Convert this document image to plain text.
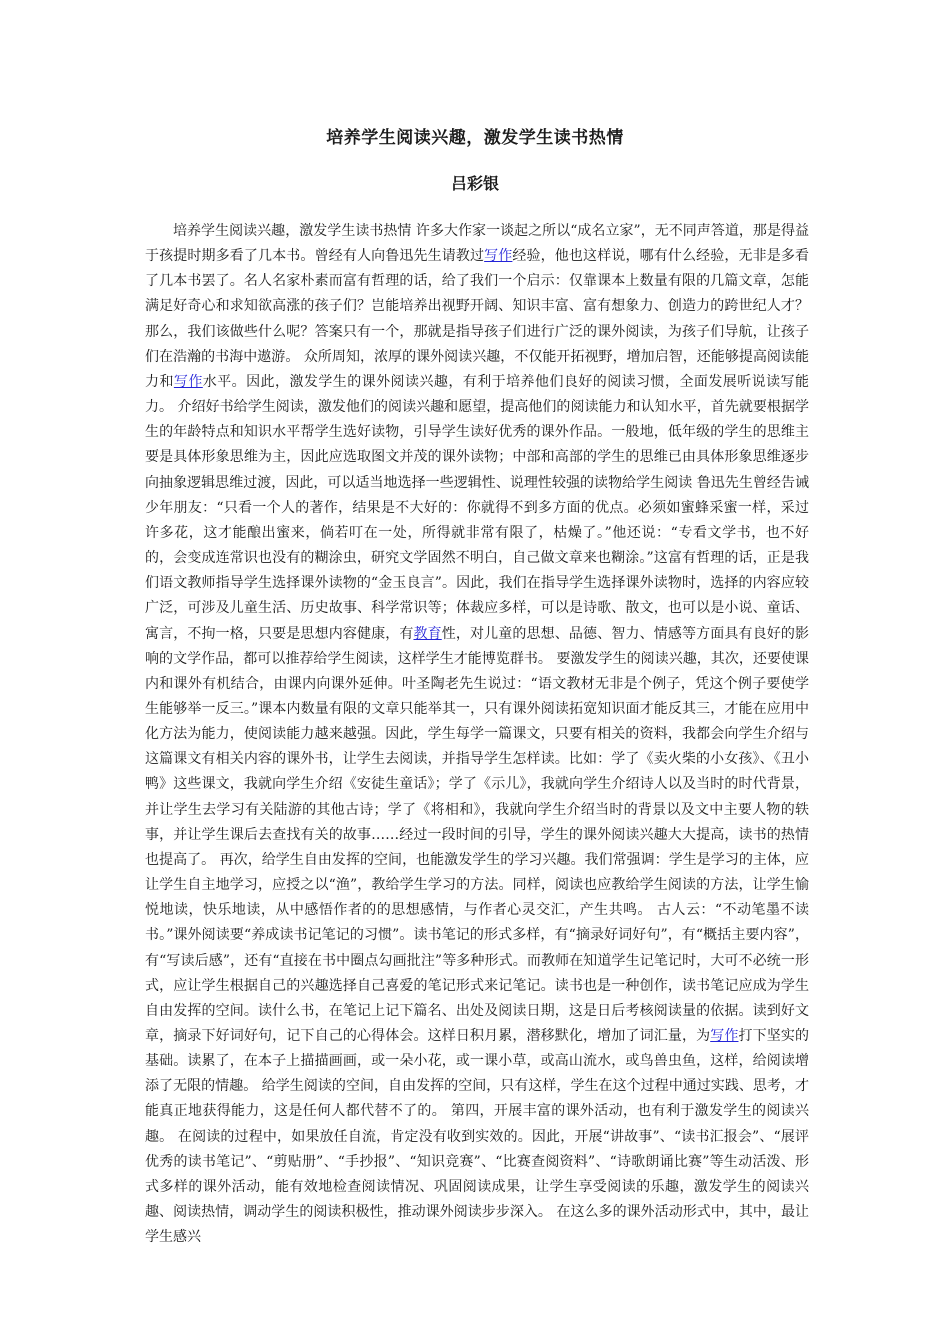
培养学生阅读兴趣，激发学生读书热情
吕彩银

培养学生阅读兴趣，激发学生读书热情 许多大作家一谈起之所以“成名立家”，无不同声答道，那是得益于孩提时期多看了几本书。曾经有人向鲁迅先生请教过写作经验，他也这样说，哪有什么经验，无非是多看了几本书罢了。名人名家朴素而富有哲理的话，给了我们一个启示：仅靠课本上数量有限的几篇文章，怎能满足好奇心和求知欲高涨的孩子们？岂能培养出视野开阔、知识丰富、富有想象力、创造力的跨世纪人才？ 那么，我们该做些什么呢？答案只有一个，那就是指导孩子们进行广泛的课外阅读，为孩子们导航，让孩子们在浩瀚的书海中遨游。 众所周知，浓厚的课外阅读兴趣，不仅能开拓视野，增加启智，还能够提高阅读能力和写作水平。因此，激发学生的课外阅读兴趣，有利于培养他们良好的阅读习惯，全面发展听说读写能力。 介绍好书给学生阅读，激发他们的阅读兴趣和愿望，提高他们的阅读能力和认知水平，首先就要根据学生的年龄特点和知识水平帮学生选好读物，引导学生读好优秀的课外作品。一般地，低年级的学生的思维主要是具体形象思维为主，因此应选取图文并茂的课外读物；中部和高部的学生的思维已由具体形象思维逐步向抽象逻辑思维过渡，因此，可以适当地选择一些逻辑性、说理性较强的读物给学生阅读 鲁迅先生曾经告诫少年朋友：“只看一个人的著作，结果是不大好的：你就得不到多方面的优点。必须如蜜蜂采蜜一样，采过许多花，这才能酿出蜜来，倘若叮在一处，所得就非常有限了，枯燥了。”他还说：“专看文学书，也不好的，会变成连常识也没有的糊涂虫，研究文学固然不明白，自己做文章来也糊涂。”这富有哲理的话，正是我们语文教师指导学生选择课外读物的“金玉良言”。因此，我们在指导学生选择课外读物时，选择的内容应较广泛，可涉及儿童生活、历史故事、科学常识等；体裁应多样，可以是诗歌、散文，也可以是小说、童话、寓言，不拘一格，只要是思想内容健康，有教育性，对儿童的思想、品德、智力、情感等方面具有良好的影响的文学作品，都可以推荐给学生阅读，这样学生才能博览群书。 要激发学生的阅读兴趣，其次，还要使课内和课外有机结合，由课内向课外延伸。叶圣陶老先生说过：“语文教材无非是个例子，凭这个例子要使学生能够举一反三。”课本内数量有限的文章只能举其一，只有课外阅读拓宽知识面才能反其三，才能在应用中化方法为能力，使阅读能力越来越强。因此，学生每学一篇课文，只要有相关的资料，我都会向学生介绍与这篇课文有相关内容的课外书，让学生去阅读，并指导学生怎样读。比如：学了《卖火柴的小女孩》、《丑小鸭》这些课文，我就向学生介绍《安徒生童话》；学了《示儿》，我就向学生介绍诗人以及当时的时代背景，并让学生去学习有关陆游的其他古诗；学了《将相和》，我就向学生介绍当时的背景以及文中主要人物的轶事，并让学生课后去查找有关的故事……经过一段时间的引导，学生的课外阅读兴趣大大提高，读书的热情也提高了。 再次，给学生自由发挥的空间，也能激发学生的学习兴趣。我们常强调：学生是学习的主体，应让学生自主地学习，应授之以“渔”，教给学生学习的方法。同样，阅读也应教给学生阅读的方法，让学生愉悦地读，快乐地读，从中感悟作者的的思想感情，与作者心灵交汇，产生共鸣。 古人云：“不动笔墨不读书。”课外阅读要“养成读书记笔记的习惯”。读书笔记的形式多样，有“摘录好词好句”，有“概括主要内容”，有“写读后感”，还有“直接在书中圈点勾画批注”等多种形式。而教师在知道学生记笔记时，大可不必统一形式，应让学生根据自己的兴趣选择自己喜爱的笔记形式来记笔记。读书也是一种创作，读书笔记应成为学生自由发挥的空间。读什么书，在笔记上记下篇名、出处及阅读日期，这是日后考核阅读量的依据。读到好文章，摘录下好词好句，记下自己的心得体会。这样日积月累，潜移默化，增加了词汇量，为写作打下坚实的基础。读累了，在本子上描描画画，或一朵小花，或一课小草，或高山流水，或鸟兽虫鱼，这样，给阅读增添了无限的情趣。 给学生阅读的空间，自由发挥的空间，只有这样，学生在这个过程中通过实践、思考，才能真正地获得能力，这是任何人都代替不了的。 第四，开展丰富的课外活动，也有利于激发学生的阅读兴趣。 在阅读的过程中，如果放任自流，肯定没有收到实效的。因此，开展“讲故事”、“读书汇报会”、“展评优秀的读书笔记”、“剪贴册”、“手抄报”、“知识竞赛”、“比赛查阅资料”、“诗歌朗诵比赛”等生动活泼、形式多样的课外活动，能有效地检查阅读情况、巩固阅读成果，让学生享受阅读的乐趣，激发学生的阅读兴趣、阅读热情，调动学生的阅读积极性，推动课外阅读步步深入。 在这么多的课外活动形式中，其中，最让学生感兴
